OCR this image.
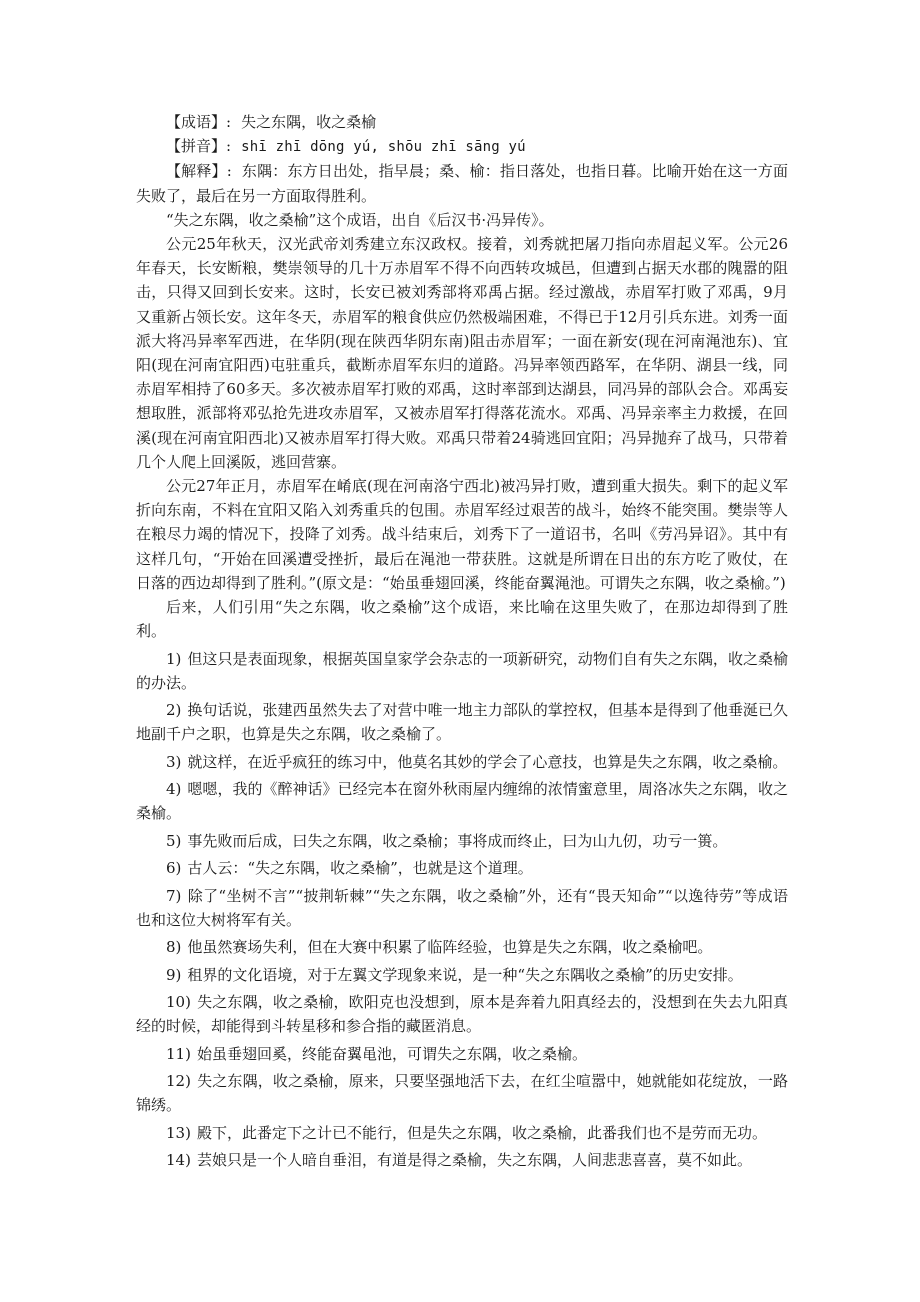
【成语】: 失之东隅，收之桑榆

【拼音】: shī zhī dōng yú, shōu zhī sāng yú

【解释】: 东隅：东方日出处，指早晨；桑、榆：指日落处，也指日暮。比喻开始在这一方面失败了，最后在另一方面取得胜利。

“失之东隅，收之桑榆”这个成语，出自《后汉书·冯异传》。

公元25年秋天，汉光武帝刘秀建立东汉政权。接着，刘秀就把屠刀指向赤眉起义军。公元26年春天，长安断粮，樊崇领导的几十万赤眉军不得不向西转攻城邑，但遭到占据天水郡的隗嚣的阻击，只得又回到长安来。这时，长安已被刘秀部将邓禹占据。经过激战，赤眉军打败了邓禹，9月又重新占领长安。这年冬天，赤眉军的粮食供应仍然极端困难，不得已于12月引兵东进。刘秀一面派大将冯异率军西进，在华阴(现在陕西华阴东南)阻击赤眉军；一面在新安(现在河南渑池东)、宜阳(现在河南宜阳西)屯驻重兵，截断赤眉军东归的道路。冯异率领西路军，在华阴、湖县一线，同赤眉军相持了60多天。多次被赤眉军打败的邓禹，这时率部到达湖县，同冯异的部队会合。邓禹妄想取胜，派部将邓弘抢先进攻赤眉军，又被赤眉军打得落花流水。邓禹、冯异亲率主力救援，在回溪(现在河南宜阳西北)又被赤眉军打得大败。邓禹只带着24骑逃回宜阳；冯异抛弃了战马，只带着几个人爬上回溪阪，逃回营寨。

公元27年正月，赤眉军在崤底(现在河南洛宁西北)被冯异打败，遭到重大损失。剩下的起义军折向东南，不料在宜阳又陷入刘秀重兵的包围。赤眉军经过艰苦的战斗，始终不能突围。樊崇等人在粮尽力竭的情况下，投降了刘秀。战斗结束后，刘秀下了一道诏书，名叫《劳冯异诏》。其中有这样几句，“开始在回溪遭受挫折，最后在渑池一带获胜。这就是所谓在日出的东方吃了败仗，在日落的西边却得到了胜利。”(原文是：“始虽垂翅回溪，终能奋翼渑池。可谓失之东隅，收之桑榆。”)

后来，人们引用“失之东隅，收之桑榆”这个成语，来比喻在这里失败了，在那边却得到了胜利。

1) 但这只是表面现象，根据英国皇家学会杂志的一项新研究，动物们自有失之东隅，收之桑榆的办法。

2) 换句话说，张建西虽然失去了对营中唯一地主力部队的掌控权，但基本是得到了他垂涎已久地副千户之职，也算是失之东隅，收之桑榆了。

3) 就这样，在近乎疯狂的练习中，他莫名其妙的学会了心意技，也算是失之东隅，收之桑榆。

4) 嗯嗯，我的《醉神话》已经完本在窗外秋雨屋内缠绵的浓情蜜意里，周洛冰失之东隅，收之桑榆。

5) 事先败而后成，曰失之东隅，收之桑榆；事将成而终止，曰为山九仞，功亏一篑。

6) 古人云：“失之东隅，收之桑榆”，也就是这个道理。

7) 除了“坐树不言”“披荆斩棘”“失之东隅，收之桑榆”外，还有“畏天知命”“以逸待劳”等成语也和这位大树将军有关。

8) 他虽然赛场失利，但在大赛中积累了临阵经验，也算是失之东隅，收之桑榆吧。

9) 租界的文化语境，对于左翼文学现象来说，是一种“失之东隅收之桑榆”的历史安排。

10) 失之东隅，收之桑榆，欧阳克也没想到，原本是奔着九阳真经去的，没想到在失去九阳真经的时候，却能得到斗转星移和参合指的藏匿消息。

11) 始虽垂翅回奚，终能奋翼黾池，可谓失之东隅，收之桑榆。

12) 失之东隅，收之桑榆，原来，只要坚强地活下去，在红尘喧嚣中，她就能如花绽放，一路锦绣。

13) 殿下，此番定下之计已不能行，但是失之东隅，收之桑榆，此番我们也不是劳而无功。

14) 芸娘只是一个人暗自垂泪，有道是得之桑榆，失之东隅，人间悲悲喜喜，莫不如此。
